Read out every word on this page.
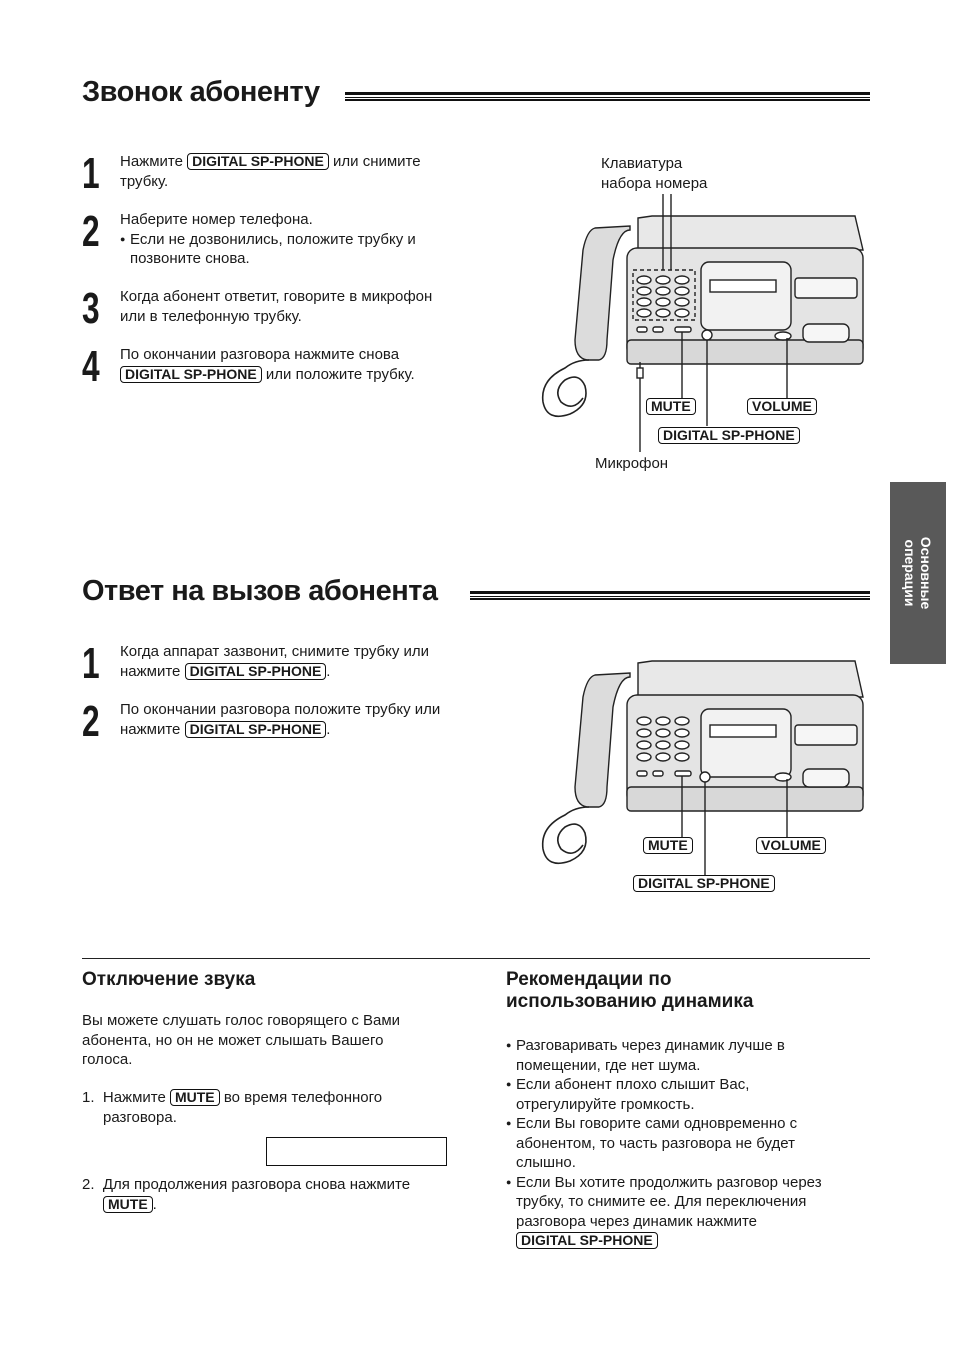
Звонок абоненту
1 Нажмите DIGITAL SP-PHONE или снимите
трубку.
2 Наберите номер телефона.
● Если не дозвонились, положите трубку и
позвоните снова.
3 Когда абонент ответит, говорите в микрофон
или в телефонную трубку.
4 По окончании разговора нажмите снова
DIGITAL SP-PHONE или положите трубку.
Клавиатура
набора номера
MUTE	VOLUME
DIGITAL SP-PHONE
Микрофон
Основные
операции
Ответ на вызов абонента
1 Когда аппарат зазвонит, снимите трубку или
нажмите DIGITAL SP-PHONE .
2 По окончании разговора положите трубку или
нажмите DIGITAL SP-PHONE .
MUTE	VOLUME
DIGITAL SP-PHONE
Отключение звука
Вы можете слушать голос говорящего с Вами
абонента, но он не может слышать Вашего
голоса.
1. Нажмите MUTE во время телефонного
разговора.
2. Для продолжения разговора снова нажмите
MUTE .
Рекомендации по
использованию динамика
● Разговаривать через динамик лучше в
помещении, где нет шума.
● Если абонент плохо слышит Вас,
отрегулируйте громкость.
● Если Вы говорите сами одновременно с
абонентом, то часть разговора не будет
слышно.
● Если Вы хотите продолжить разговор через
трубку, то снимите ее. Для переключения
разговора через динамик нажмите
DIGITAL SP-PHONE
